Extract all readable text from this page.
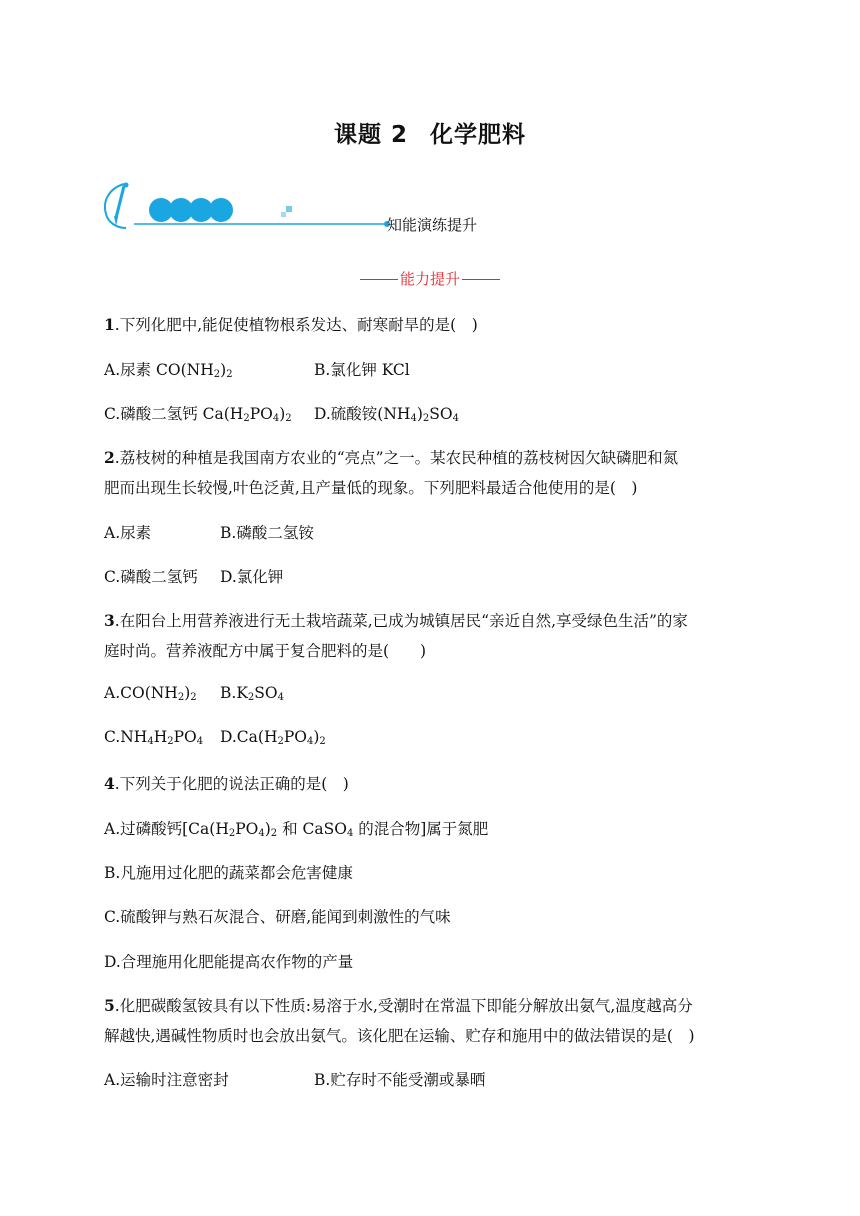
课题 2 化学肥料
知能演练提升
能力提升
1.下列化肥中,能促使植物根系发达、耐寒耐旱的是(　)
A.尿素 $CO(NH_2)_2$	B.氯化钾 KCl
C.磷酸二氢钙 $Ca(H_2PO_4)_2$ D.硫酸铵$(NH_4)_2SO_4$
2.荔枝树的种植是我国南方农业的“亮点”之一。某农民种植的荔枝树因欠缺磷肥和氮
肥而出现生长较慢,叶色泛黄,且产量低的现象。下列肥料最适合他使用的是(　)
A.尿素	B.磷酸二氢铵
C.磷酸二氢钙 D.氯化钾
3.在阳台上用营养液进行无土栽培蔬菜,已成为城镇居民“亲近自然,享受绿色生活”的家
庭时尚。营养液配方中属于复合肥料的是(　　)
$A.CO(NH_2)_2$ $B.K_2SO_4$
$C.NH_4H_2PO_4$ $D.Ca(H_2PO_4)_2$
4.下列关于化肥的说法正确的是(　)
A.过磷酸钙[$Ca(H_2PO_4)_2$ 和 CaSO$_4$ 的混合物]属于氮肥
B.凡施用过化肥的蔬菜都会危害健康
C.硫酸钾与熟石灰混合、研磨,能闻到刺激性的气味
D.合理施用化肥能提高农作物的产量
5.化肥碳酸氢铵具有以下性质:易溶于水,受潮时在常温下即能分解放出氨气,温度越高分
解越快,遇碱性物质时也会放出氨气。该化肥在运输、贮存和施用中的做法错误的是(　)
A.运输时注意密封	B.贮存时不能受潮或暴晒
